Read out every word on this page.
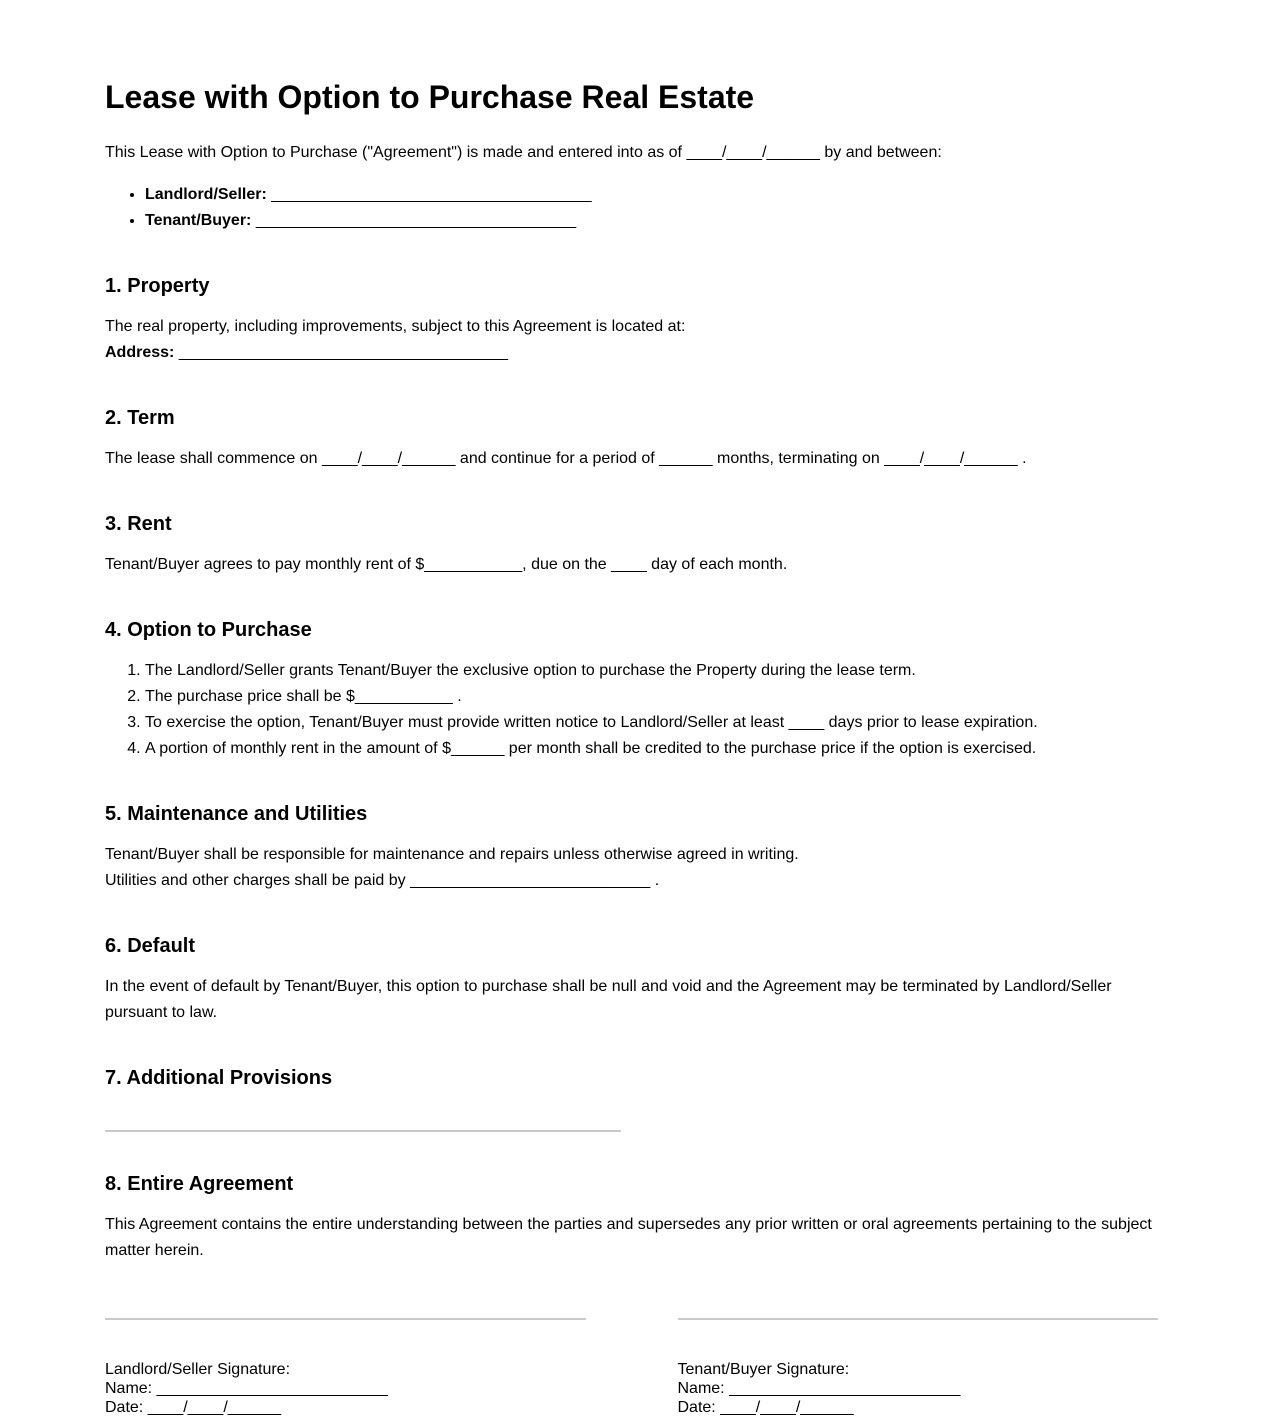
Lease with Option to Purchase Real Estate

This Lease with Option to Purchase ("Agreement") is made and entered into as of ____/____/______ by and between:

• Landlord/Seller: ____________________________________
• Tenant/Buyer: ____________________________________
1. Property

The real property, including improvements, subject to this Agreement is located at:
Address: _____________________________________

2. Term

The lease shall commence on ____/____/______ and continue for a period of ______ months, terminating on ____/____/______ .

3. Rent

Tenant/Buyer agrees to pay monthly rent of $___________, due on the ____ day of each month.

4. Option to Purchase
1. The Landlord/Seller grants Tenant/Buyer the exclusive option to purchase the Property during the lease term.
2. The purchase price shall be $___________ .
3. To exercise the option, Tenant/Buyer must provide written notice to Landlord/Seller at least ____ days prior to lease expiration.
4. A portion of monthly rent in the amount of $______ per month shall be credited to the purchase price if the option is exercised.
5. Maintenance and Utilities

Tenant/Buyer shall be responsible for maintenance and repairs unless otherwise agreed in writing.
Utilities and other charges shall be paid by ___________________________ .

6. Default

In the event of default by Tenant/Buyer, this option to purchase shall be null and void and the Agreement may be terminated by Landlord/Seller pursuant to law.

7. Additional Provisions
8. Entire Agreement

This Agreement contains the entire understanding between the parties and supersedes any prior written or oral agreements pertaining to the subject matter herein.

Landlord/Seller Signature:
Name: __________________________
Date: ____/____/______
Tenant/Buyer Signature:
Name: __________________________
Date: ____/____/______
